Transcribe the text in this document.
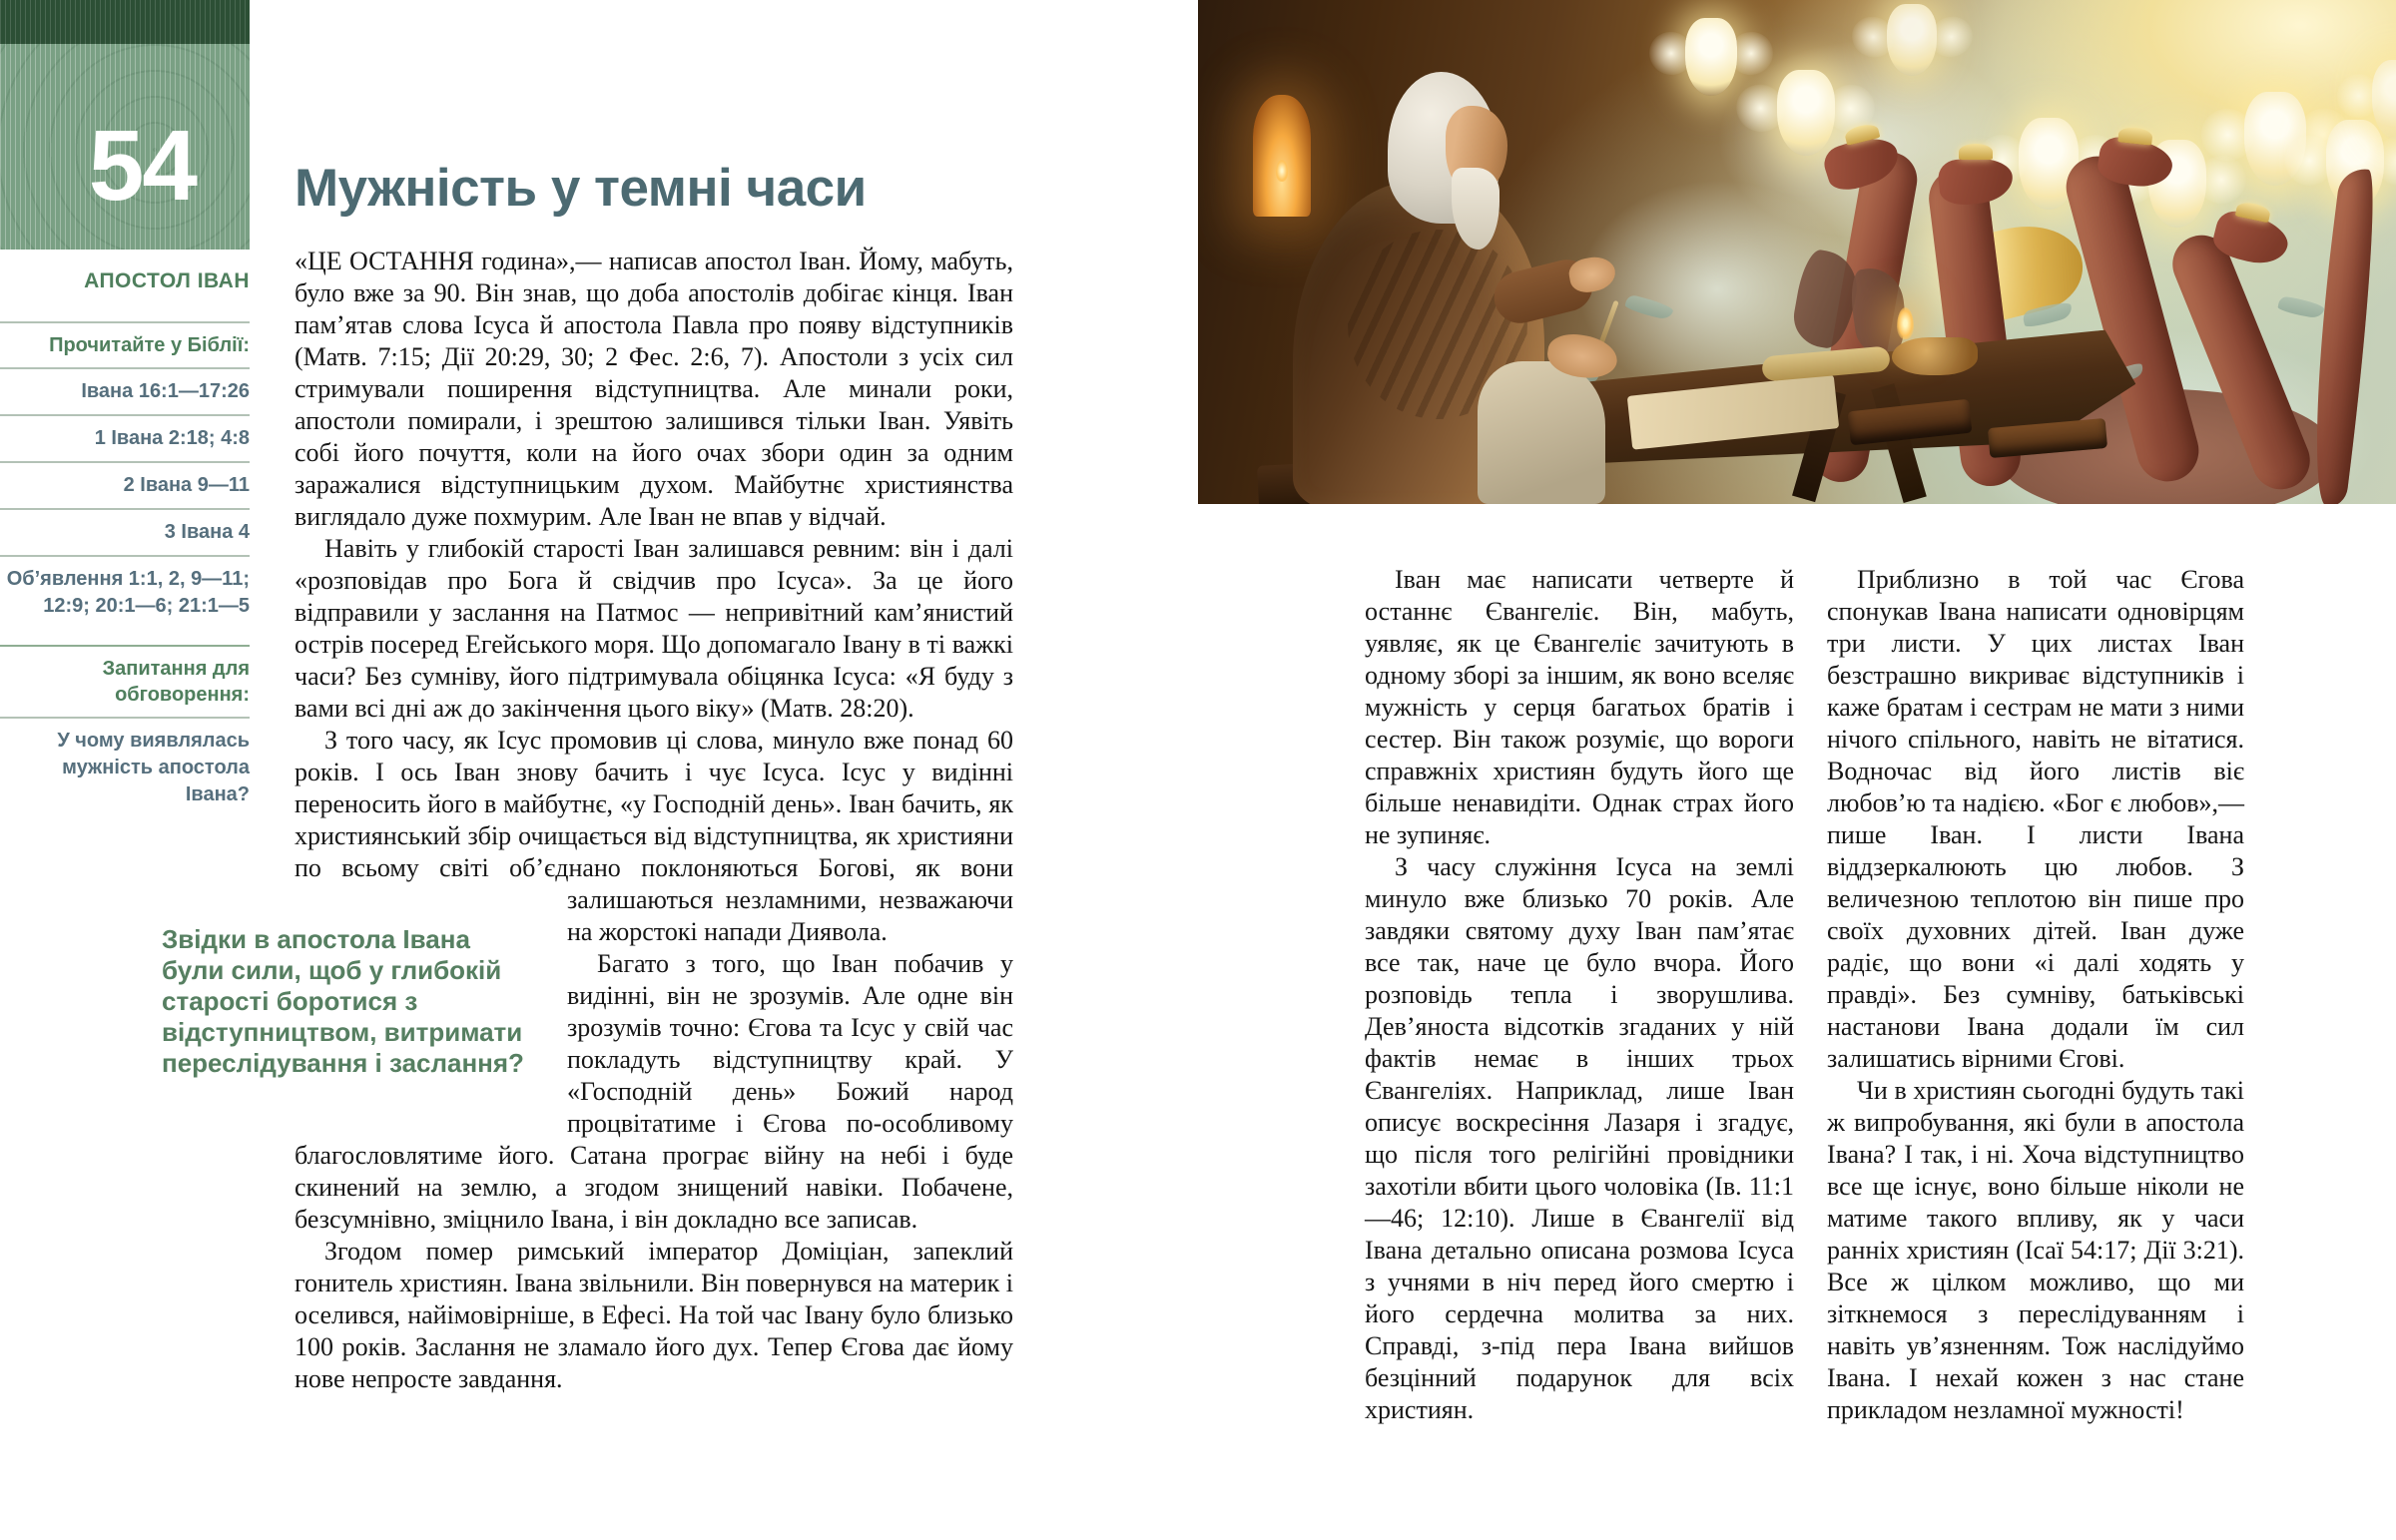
54
АПОСТОЛ ІВАН
Прочитайте у Біблії:
Івана 16:1—17:26
1 Івана 2:18; 4:8
2 Івана 9—11
3 Івана 4
Об’явлення 1:1, 2, 9—11; 12:9; 20:1—6; 21:1—5
Запитання для обговорення:
У чому виявлялась мужність апостола Івана?
Мужність у темні часи

«ЦЕ ОСТАННЯ година»,— написав апостол Іван. Йому, мабуть, було вже за 90. Він знав, що доба апостолів добігає кінця. Іван пам’ятав слова Ісуса й апостола Павла про появу відступників (Матв. 7:15; Дії 20:29, 30; 2 Фес. 2:6, 7). Апостоли з усіх сил стримували поширення відступництва. Але минали роки, апостоли помирали, і зрештою залишився тільки Іван. Уявіть собі його почуття, коли на його очах збори один за одним заражалися відступницьким духом. Майбутнє християнства виглядало дуже похмурим. Але Іван не впав у відчай.

Навіть у глибокій старості Іван залишався ревним: він і далі «розповідав про Бога й свідчив про Ісуса». За це його відправили у заслання на Патмос — непривітний кам’янистий острів посеред Егейського моря. Що допомагало Івану в ті важкі часи? Без сумніву, його підтримувала обіцянка Ісуса: «Я буду з вами всі дні аж до закінчення цього віку» (Матв. 28:20).

З того часу, як Ісус промовив ці слова, минуло вже понад 60 років. І ось Іван знову бачить і чує Ісуса. Ісус у видінні переносить його в майбутнє, «у Господній день». Іван бачить, як християнський збір очищається від відступництва, як християни по всьому світі об’єднано поклоняються Богові, як вони
Звідки в апостола Івана були сили, щоб у глибокій старості боротися з відступництвом, витримати переслідування і заслання?
залишаються незламними, незважаючи на жорстокі напади Диявола.

Багато з того, що Іван побачив у видінні, він не зрозумів. Але одне він зрозумів точно: Єгова та Ісус у свій час покладуть відступництву край. У «Господній день» Божий народ процвітатиме і Єгова по-особливому благословлятиме його. Сатана програє війну на небі і буде скинений на землю, а згодом знищений навіки. Побачене, безсумнівно, зміцнило Івана, і він докладно все записав.

Згодом помер римський імператор Доміціан, запеклий гонитель християн. Івана звільнили. Він повернувся на материк і оселився, найімовірніше, в Ефесі. На той час Івану було близько 100 років. Заслання не зламало його дух. Тепер Єгова дає йому нове непросте завдання.

Іван має написати четверте й останнє Євангеліє. Він, мабуть, уявляє, як це Євангеліє зачитують в одному зборі за іншим, як воно вселяє мужність у серця багатьох братів і сестер. Він також розуміє, що вороги справжніх християн будуть його ще більше ненавидіти. Однак страх його не зупиняє.

З часу служіння Ісуса на землі минуло вже близько 70 років. Але завдяки святому духу Іван пам’ятає все так, наче це було вчора. Його розповідь тепла і зворушлива. Дев’яноста відсотків згаданих у ній фактів немає в інших трьох Євангеліях. Наприклад, лише Іван описує воскресіння Лазаря і згадує, що після того релігійні провідники захотіли вбити цього чоловіка (Ів. 11:1—46; 12:10). Лише в Євангелії від Івана детально описана розмова Ісуса з учнями в ніч перед його смертю і його сердечна молитва за них. Справді, з-під пера Івана вийшов безцінний подарунок для всіх християн.

Приблизно в той час Єгова спонукав Івана написати одновірцям три листи. У цих листах Іван безстрашно викриває відступників і каже братам і сестрам не мати з ними нічого спільного, навіть не вітатися. Водночас від його листів віє любов’ю та надією. «Бог є любов»,— пише Іван. І листи Івана віддзеркалюють цю любов. З величезною теплотою він пише про своїх духовних дітей. Іван дуже радіє, що вони «і далі ходять у правді». Без сумніву, батьківські настанови Івана додали їм сил залишатись вірними Єгові.

Чи в християн сьогодні будуть такі ж випробування, які були в апостола Івана? І так, і ні. Хоча відступництво все ще існує, воно більше ніколи не матиме такого впливу, як у часи ранніх християн (Ісаї 54:17; Дії 3:21). Все ж цілком можливо, що ми зіткнемося з переслідуванням і навіть ув’язненням. Тож наслідуймо Івана. І нехай кожен з нас стане прикладом незламної мужності!
